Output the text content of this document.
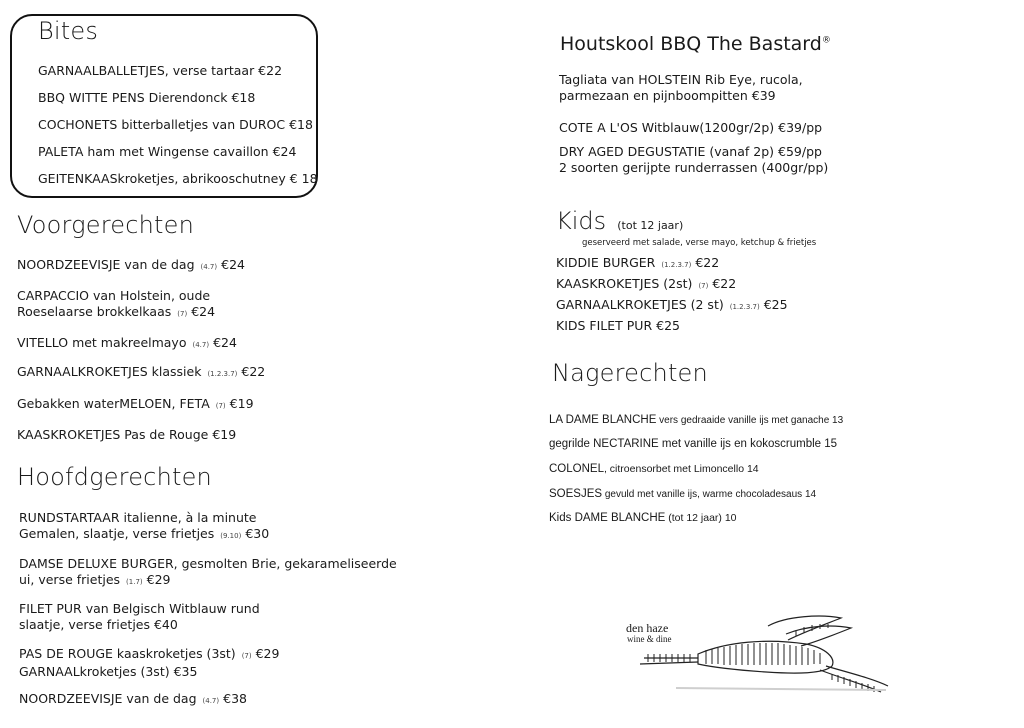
Bites
GARNAALBALLETJES, verse tartaar €22
BBQ WITTE PENS Dierendonck €18
COCHONETS bitterballetjes van DUROC €18
PALETA ham met Wingense cavaillon €24
GEITENKAASkroketjes, abrikooschutney € 18
Voorgerechten
NOORDZEEVISJE van de dag (4.7) €24
CARPACCIO van Holstein, oude
Roeselaarse brokkelkaas (7) €24
VITELLO met makreelmayo (4.7) €24
GARNAALKROKETJES klassiek (1.2.3.7) €22
Gebakken waterMELOEN, FETA (7) €19
KAASKROKETJES Pas de Rouge €19
Hoofdgerechten
RUNDSTARTAAR italienne, à la minute
Gemalen, slaatje, verse frietjes (9.10) €30
DAMSE DELUXE BURGER, gesmolten Brie, gekarameliseerde
ui, verse frietjes (1.7) €29
FILET PUR van Belgisch Witblauw rund
slaatje, verse frietjes €40
PAS DE ROUGE kaaskroketjes (3st) (7) €29
GARNAALkroketjes (3st) €35
NOORDZEEVISJE van de dag (4.7) €38
Houtskool BBQ The Bastard®
Tagliata van HOLSTEIN Rib Eye, rucola,
parmezaan en pijnboompitten €39
COTE A L'OS Witblauw(1200gr/2p) €39/pp
DRY AGED DEGUSTATIE (vanaf 2p) €59/pp
2 soorten gerijpte runderrassen (400gr/pp)
Kids (tot 12 jaar)
geserveerd met salade, verse mayo, ketchup & frietjes
KIDDIE BURGER (1.2.3.7) €22
KAASKROKETJES (2st) (7) €22
GARNAALKROKETJES (2 st) (1.2.3.7) €25
KIDS FILET PUR €25
Nagerechten
LA DAME BLANCHE vers gedraaide vanille ijs met ganache 13
gegrilde NECTARINE met vanille ijs en kokoscrumble 15
COLONEL, citroensorbet met Limoncello 14
SOESJES gevuld met vanille ijs, warme chocoladesaus 14
Kids DAME BLANCHE (tot 12 jaar) 10
den haze
wine & dine
